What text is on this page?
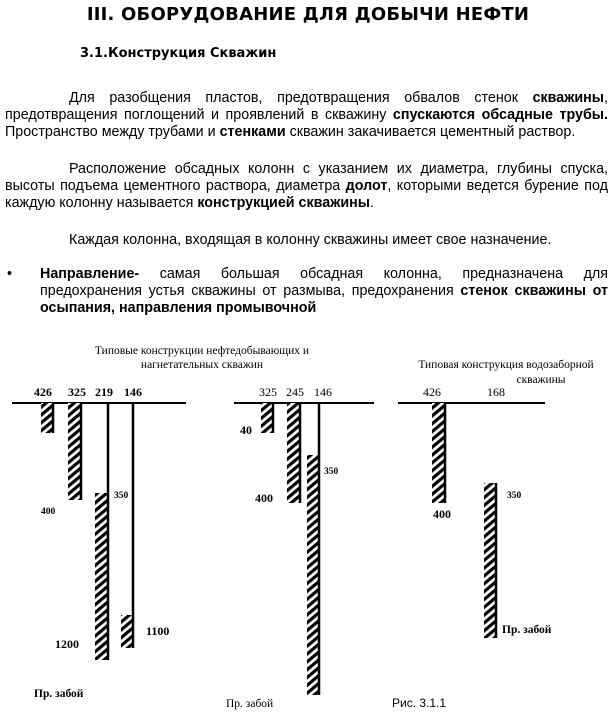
III. ОБОРУДОВАНИЕ ДЛЯ ДОБЫЧИ НЕФТИ
3.1.Конструкция Скважин

Для разобщения пластов, предотвращения обвалов стенок скважины, предотвращения поглощений и проявлений в скважину спускаются обсадные трубы. Пространство между трубами и стенками скважин закачивается цементный раствор.

Расположение обсадных колонн с указанием их диаметра, глубины спуска, высоты подъема цементного раствора, диаметра долот, которыми ведется бурение под каждую колонну называется конструкцией скважины.

Каждая колонна, входящая в колонну скважины имеет свое назначение.

• Направление- самая большая обсадная колонна, предназначена для предохранения устья скважины от размыва, предохранения стенок скважины от осыпания, направления промывочной
Типовые конструкции нефтедобывающих и
нагнетательных скважин	Типовая конструкция водозаборной
скважины
426 325 219 146
400
350
1200
1100
Пр. забой
325 245 146
40
350
400
Пр. забой
426	168
400
350
Пр. забой
Рис. 3.1.1
